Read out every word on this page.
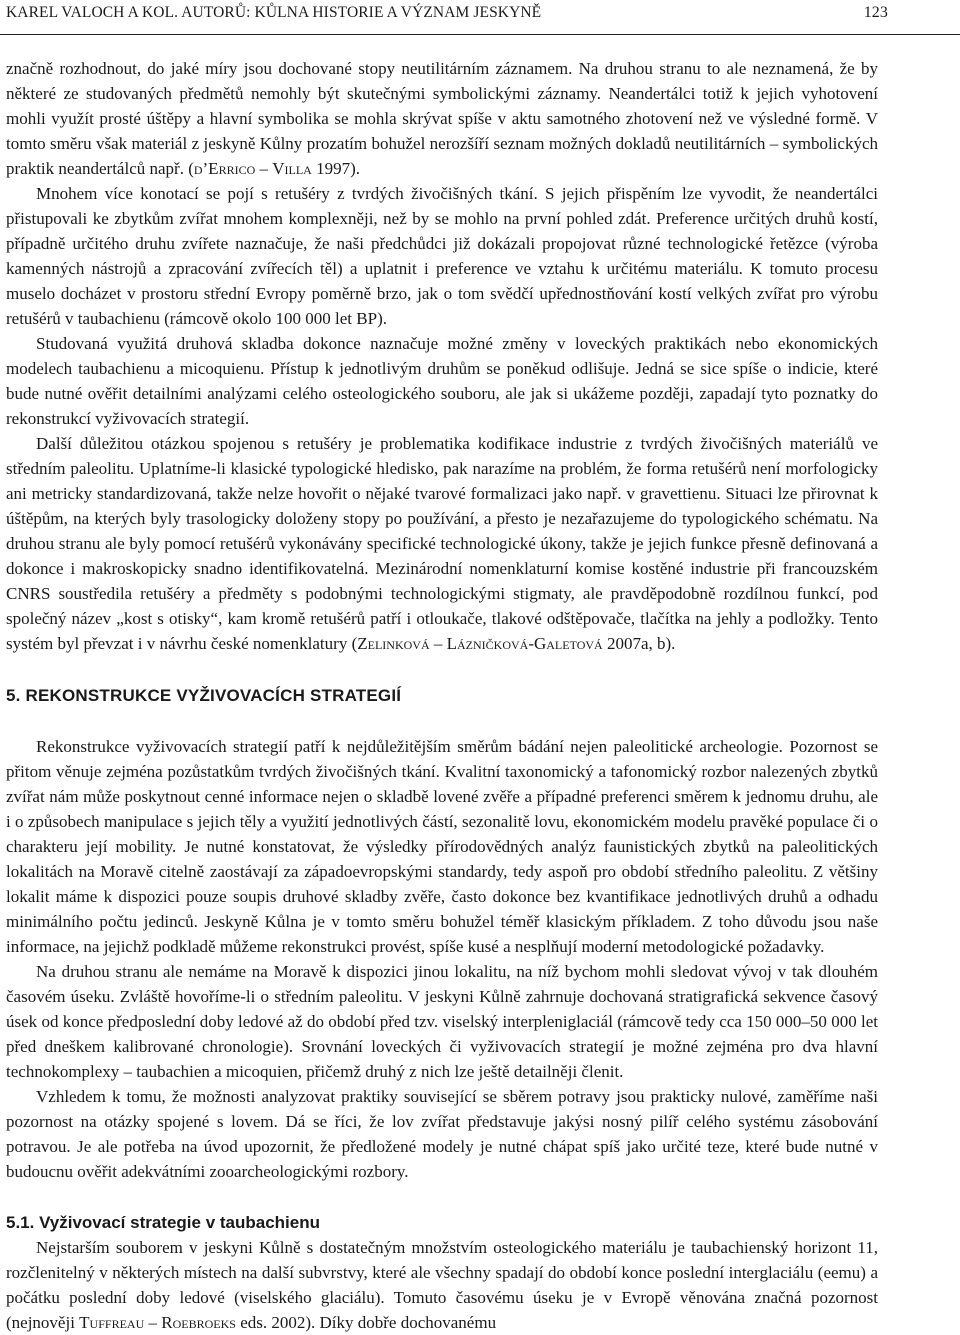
KAREL VALOCH A KOL. AUTORŮ: KŮLNA HISTORIE A VÝZNAM JESKYNĚ	123

značně rozhodnout, do jaké míry jsou dochované stopy neutilitárním záznamem. Na druhou stranu to ale neznamená, že by některé ze studovaných předmětů nemohly být skutečnými symbolickými záznamy. Neandertálci totiž k jejich vyhotovení mohli využít prosté úštěpy a hlavní symbolika se mohla skrývat spíše v aktu samotného zhotovení než ve výsledné formě. V tomto směru však materiál z jeskyně Kůlny prozatím bohužel nerozšíří seznam možných dokladů neutilitárních – symbolických praktik neandertálců např. (d’Errico – Villa 1997).

Mnohem více konotací se pojí s retušéry z tvrdých živočišných tkání. S jejich přispěním lze vyvodit, že neandertálci přistupovali ke zbytkům zvířat mnohem komplexněji, než by se mohlo na první pohled zdát. Preference určitých druhů kostí, případně určitého druhu zvířete naznačuje, že naši předchůdci již dokázali propojovat různé technologické řetězce (výroba kamenných nástrojů a zpracování zvířecích těl) a uplatnit i preference ve vztahu k určitému materiálu. K tomuto procesu muselo docházet v prostoru střední Evropy poměrně brzo, jak o tom svědčí upřednostňování kostí velkých zvířat pro výrobu retušérů v taubachienu (rámcově okolo 100 000 let BP).

Studovaná využitá druhová skladba dokonce naznačuje možné změny v loveckých praktikách nebo ekonomických modelech taubachienu a micoquienu. Přístup k jednotlivým druhům se poněkud odlišuje. Jedná se sice spíše o indicie, které bude nutné ověřit detailními analýzami celého osteologického souboru, ale jak si ukážeme později, zapadají tyto poznatky do rekonstrukcí vyživovacích strategií.

Další důležitou otázkou spojenou s retušéry je problematika kodifikace industrie z tvrdých živočišných materiálů ve středním paleolitu. Uplatníme-li klasické typologické hledisko, pak narazíme na problém, že forma retušérů není morfologicky ani metricky standardizovaná, takže nelze hovořit o nějaké tvarové formalizaci jako např. v gravettienu. Situaci lze přirovnat k úštěpům, na kterých byly trasologicky doloženy stopy po používání, a přesto je nezařazujeme do typologického schématu. Na druhou stranu ale byly pomocí retušérů vykonávány specifické technologické úkony, takže je jejich funkce přesně definovaná a dokonce i makroskopicky snadno identifikovatelná. Mezinárodní nomenklaturní komise kostěné industrie při francouzském CNRS soustředila retušéry a předměty s podobnými technologickými stigmaty, ale pravděpodobně rozdílnou funkcí, pod společný název „kost s otisky“, kam kromě retušérů patří i otloukače, tlakové odštěpovače, tlačítka na jehly a podložky. Tento systém byl převzat i v návrhu české nomenklatury (Zelinková – Lázničková-Galetová 2007a, b).

5. REKONSTRUKCE VYŽIVOVACÍCH STRATEGIÍ

Rekonstrukce vyživovacích strategií patří k nejdůležitějším směrům bádání nejen paleolitické archeologie. Pozornost se přitom věnuje zejména pozůstatkům tvrdých živočišných tkání. Kvalitní taxonomický a tafonomický rozbor nalezených zbytků zvířat nám může poskytnout cenné informace nejen o skladbě lovené zvěře a případné preferenci směrem k jednomu druhu, ale i o způsobech manipulace s jejich těly a využití jednotlivých částí, sezonalitě lovu, ekonomickém modelu pravěké populace či o charakteru její mobility. Je nutné konstatovat, že výsledky přírodovědných analýz faunistických zbytků na paleolitických lokalitách na Moravě citelně zaostávají za západoevropskými standardy, tedy aspoň pro období středního paleolitu. Z většiny lokalit máme k dispozici pouze soupis druhové skladby zvěře, často dokonce bez kvantifikace jednotlivých druhů a odhadu minimálního počtu jedinců. Jeskyně Kůlna je v tomto směru bohužel téměř klasickým příkladem. Z toho důvodu jsou naše informace, na jejichž podkladě můžeme rekonstrukci provést, spíše kusé a nesplňují moderní metodologické požadavky.

Na druhou stranu ale nemáme na Moravě k dispozici jinou lokalitu, na níž bychom mohli sledovat vývoj v tak dlouhém časovém úseku. Zvláště hovoříme-li o středním paleolitu. V jeskyni Kůlně zahrnuje dochovaná stratigrafická sekvence časový úsek od konce předposlední doby ledové až do období před tzv. viselský interpleniglaciál (rámcově tedy cca 150 000–50 000 let před dneškem kalibrované chronologie). Srovnání loveckých či vyživovacích strategií je možné zejména pro dva hlavní technokomplexy – taubachien a micoquien, přičemž druhý z nich lze ještě detailněji členit.

Vzhledem k tomu, že možnosti analyzovat praktiky související se sběrem potravy jsou prakticky nulové, zaměříme naši pozornost na otázky spojené s lovem. Dá se říci, že lov zvířat představuje jakýsi nosný pilíř celého systému zásobování potravou. Je ale potřeba na úvod upozornit, že předložené modely je nutné chápat spíš jako určité teze, které bude nutné v budoucnu ověřit adekvátními zooarcheologickými rozbory.

5.1. Vyživovací strategie v taubachienu

Nejstarším souborem v jeskyni Kůlně s dostatečným množstvím osteologického materiálu je taubachienský horizont 11, rozčlenitelný v některých místech na další subvrstvy, které ale všechny spadají do období konce poslední interglaciálu (eemu) a počátku poslední doby ledové (viselského glaciálu). Tomuto časovému úseku je v Evropě věnována značná pozornost (nejnověji Tuffreau – Roebroeks eds. 2002). Díky dobře dochovanému
